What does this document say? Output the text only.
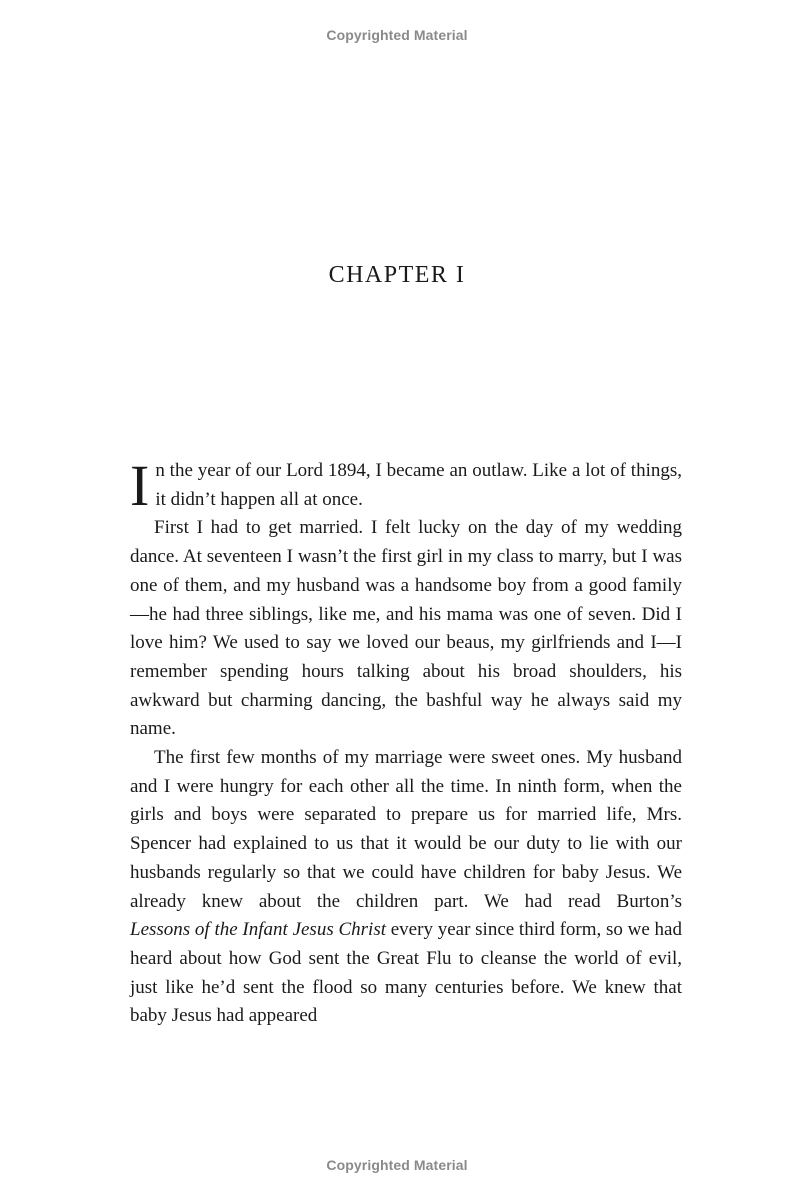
Copyrighted Material
CHAPTER I

In the year of our Lord 1894, I became an outlaw. Like a lot of things, it didn’t happen all at once.

First I had to get married. I felt lucky on the day of my wedding dance. At seventeen I wasn’t the first girl in my class to marry, but I was one of them, and my husband was a handsome boy from a good family—he had three siblings, like me, and his mama was one of seven. Did I love him? We used to say we loved our beaus, my girlfriends and I—I remember spending hours talking about his broad shoulders, his awkward but charming dancing, the bashful way he always said my name.

The first few months of my marriage were sweet ones. My husband and I were hungry for each other all the time. In ninth form, when the girls and boys were separated to prepare us for married life, Mrs. Spencer had explained to us that it would be our duty to lie with our husbands regularly so that we could have children for baby Jesus. We already knew about the children part. We had read Burton’s Lessons of the Infant Jesus Christ every year since third form, so we had heard about how God sent the Great Flu to cleanse the world of evil, just like he’d sent the flood so many centuries before. We knew that baby Jesus had appeared

Copyrighted Material
